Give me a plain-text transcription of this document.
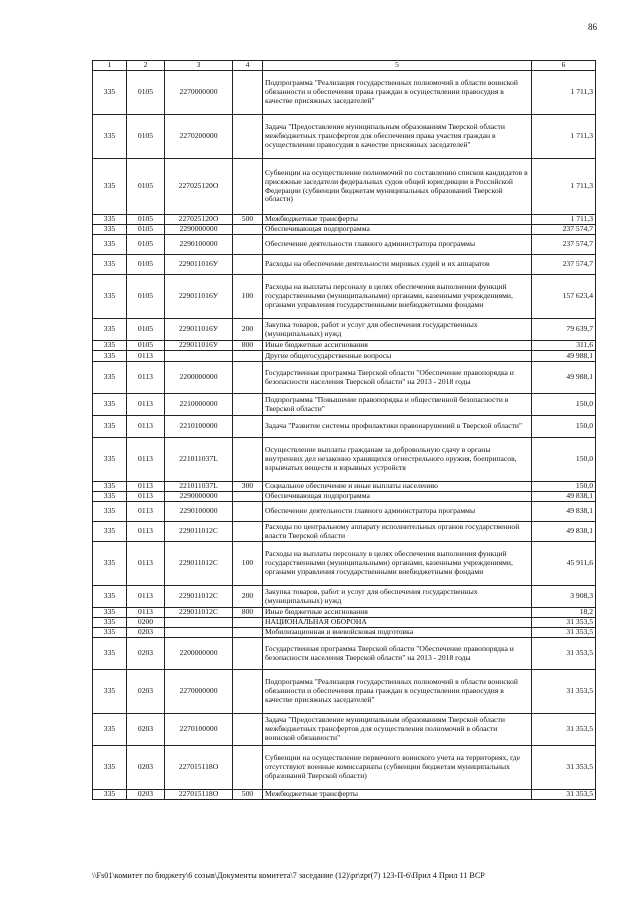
86
1	2	3	4	5	6
335	0105	2270000000		Подпрограмма "Реализация государственных полномочий в области воинской обязанности и обеспечения права граждан в осуществлении правосудия в качестве присяжных заседателей"	1 711,3
335	0105	2270200000		Задача "Предоставление муниципальным образованиям Тверской области межбюджетных трансфертов для обеспечения права участия граждан в осуществлении правосудия в качестве присяжных заседателей"	1 711,3
335	0105	227025120О		Субвенции на осуществление полномочий по составлению списков кандидатов в присяжные заседатели федеральных судов общей юрисдикции в Российской Федерации (субвенции бюджетам муниципальных образований Тверской области)	1 711,3
335	0105	227025120О	500	Межбюджетные трансферты	1 711,3
335	0105	2290000000		Обеспечивающая подпрограмма	237 574,7
335	0105	2290100000		Обеспечение деятельности главного администратора программы	237 574,7
335	0105	229011016У		Расходы на обеспечение деятельности мировых судей и их аппаратов	237 574,7
335	0105	229011016У	100	Расходы на выплаты персоналу в целях обеспечения выполнения функций государственными (муниципальными) органами, казенными учреждениями, органами управления государственными внебюджетными фондами	157 623,4
335	0105	229011016У	200	Закупка товаров, работ и услуг для обеспечения государственных (муниципальных) нужд	79 639,7
335	0105	229011016У	800	Иные бюджетные ассигнования	311,6
335	0113			Другие общегосударственные вопросы	49 988,1
335	0113	2200000000		Государственная программа Тверской области "Обеспечение правопорядка и безопасности населения Тверской области" на 2013 - 2018 годы	49 988,1
335	0113	2210000000		Подпрограмма "Повышение правопорядка и общественной безопасности в Тверской области"	150,0
335	0113	2210100000		Задача "Развитие системы профилактики правонарушений в Тверской области"	150,0
335	0113	221011037L		Осуществление выплаты гражданам за добровольную сдачу в органы внутренних дел незаконно хранящихся огнестрельного оружия, боеприпасов, взрывчатых веществ и взрывных устройств	150,0
335	0113	221011037L	300	Социальное обеспечение и иные выплаты населению	150,0
335	0113	2290000000		Обеспечивающая подпрограмма	49 838,1
335	0113	2290100000		Обеспечение деятельности главного администратора программы	49 838,1
335	0113	229011012С		Расходы по центральному аппарату исполнительных органов государственной власти Тверской области	49 838,1
335	0113	229011012С	100	Расходы на выплаты персоналу в целях обеспечения выполнения функций государственными (муниципальными) органами, казенными учреждениями, органами управления государственными внебюджетными фондами	45 911,6
335	0113	229011012С	200	Закупка товаров, работ и услуг для обеспечения государственных (муниципальных) нужд	3 908,3
335	0113	229011012С	800	Иные бюджетные ассигнования	18,2
335	0200			НАЦИОНАЛЬНАЯ ОБОРОНА	31 353,5
335	0203			Мобилизационная и вневойсковая подготовка	31 353,5
335	0203	2200000000		Государственная программа Тверской области "Обеспечение правопорядка и безопасности населения Тверской области" на 2013 - 2018 годы	31 353,5
335	0203	2270000000		Подпрограмма "Реализация государственных полномочий в области воинской обязанности и обеспечения права граждан в осуществлении правосудия в качестве присяжных заседателей"	31 353,5
335	0203	2270100000		Задача "Предоставление муниципальным образованиям Тверской области межбюджетных трансфертов для осуществления полномочий в области воинской обязанности"	31 353,5
335	0203	227015118О		Субвенции на осуществление первичного воинского учета на территориях, где отсутствуют военные комиссариаты (субвенции бюджетам муниципальных образований Тверской области)	31 353,5
335	0203	227015118О	500	Межбюджетные трансферты	31 353,5
\\Fs01\комитет по бюджету\6 созыв\Документы комитета\7 заседание (12)\pr\zpr(7) 123-П-6\Прил 4 Прил 11 ВСР
